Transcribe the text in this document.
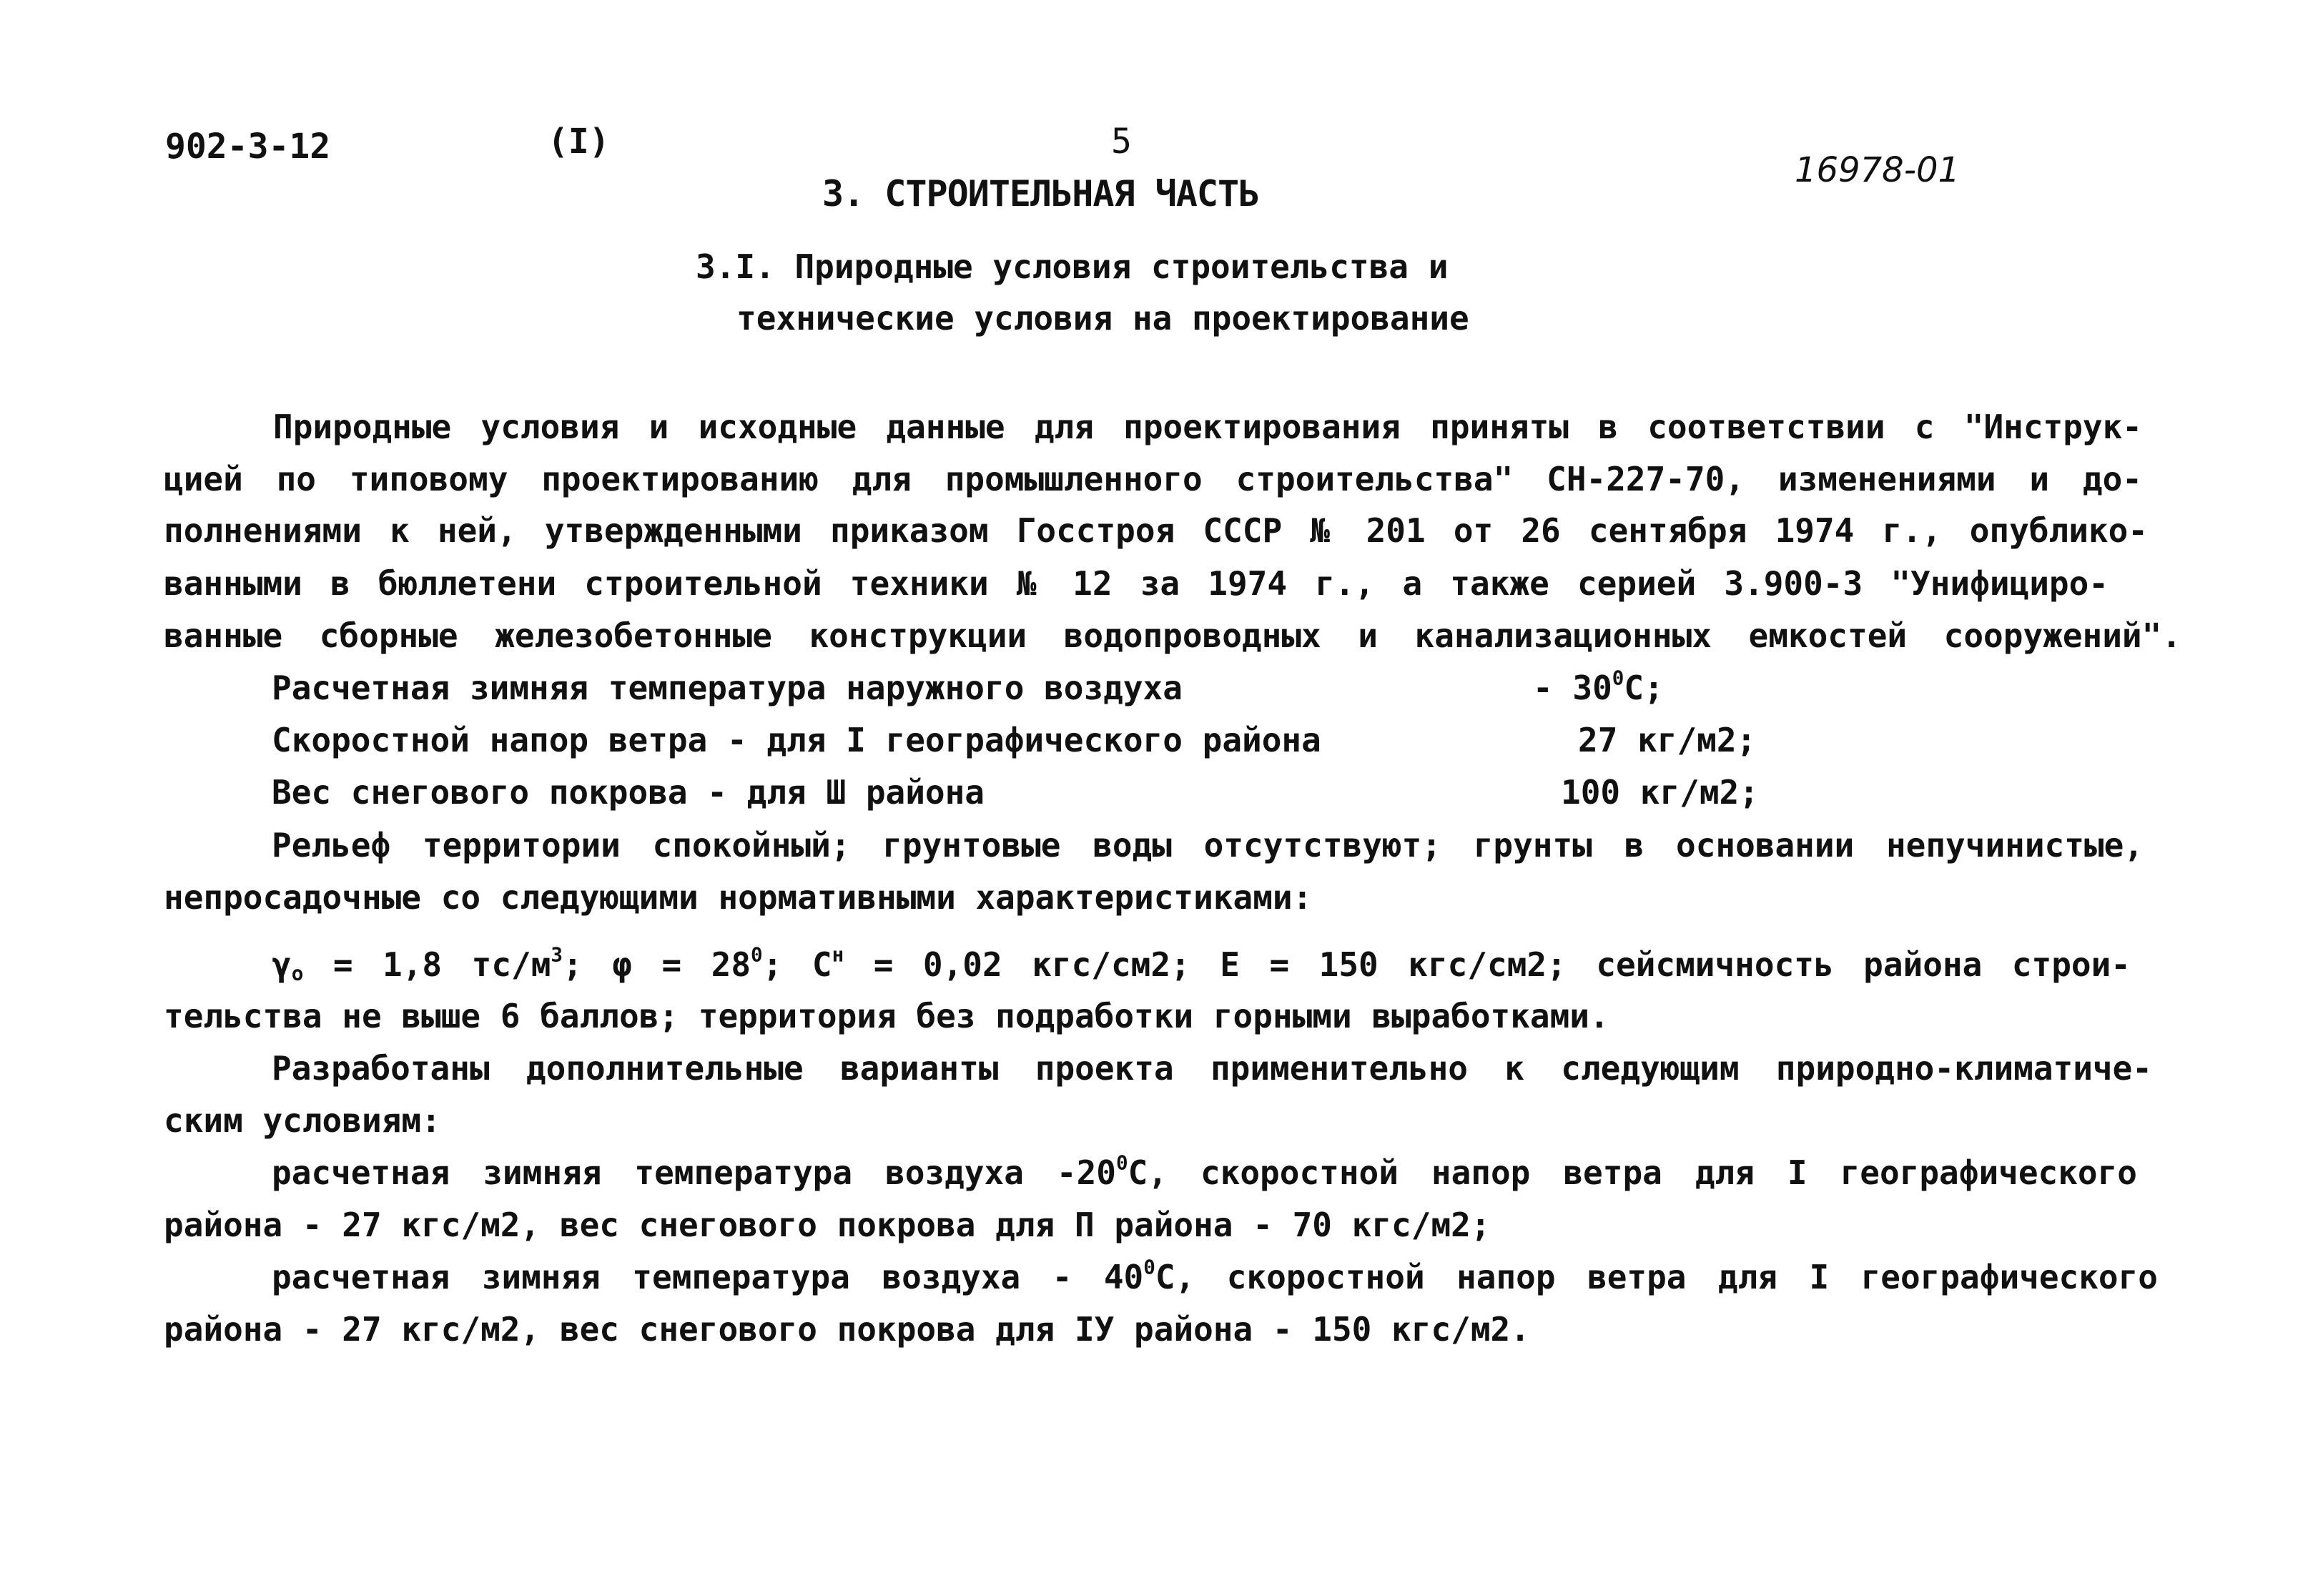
902-3-12	(I)	5
16978-01
3. СТРОИТЕЛЬНАЯ ЧАСТЬ
3.I. Природные условия строительства и
технические условия на проектирование
Природные условия и исходные данные для проектирования приняты в соответствии с "Инструк-
цией по типовому проектированию для промышленного строительства" СН-227-70, изменениями и до-
полнениями к ней, утвержденными приказом Госстроя СССР № 201 от 26 сентября 1974 г., опублико-
ванными в бюллетени строительной техники № 12 за 1974 г., а также серией 3.900-3 "Унифициро-
ванные сборные железобетонные конструкции водопроводных и канализационных емкостей сооружений".
Расчетная зимняя температура наружного воздуха	- $30^0С$;
Скоростной напор ветра - для I географического района	27 кг/м2;
Вес снегового покрова - для Ш района	100 кг/м2;
Рельеф территории спокойный; грунтовые воды отсутствуют; грунты в основании непучинистые,
непросадочные со следующими нормативными характеристиками:
$\gamma_o = 1,8$ $тс/м^3$; $\varphi = 28^0$; $С^н = 0,02$ кгс/см2; Е = 150 кгс/см2; сейсмичность района строи-
тельства не выше 6 баллов; территория без подработки горными выработками.
Разработаны дополнительные варианты проекта применительно к следующим природно-климатиче-
ским условиям:
расчетная зимняя температура воздуха $-20^0С$, скоростной напор ветра для I географического
района - 27 кгс/м2, вес снегового покрова для П района - 70 кгс/м2;
расчетная зимняя температура воздуха - $40^0С$, скоростной напор ветра для I географического
района - 27 кгс/м2, вес снегового покрова для IУ района - 150 кгс/м2.
